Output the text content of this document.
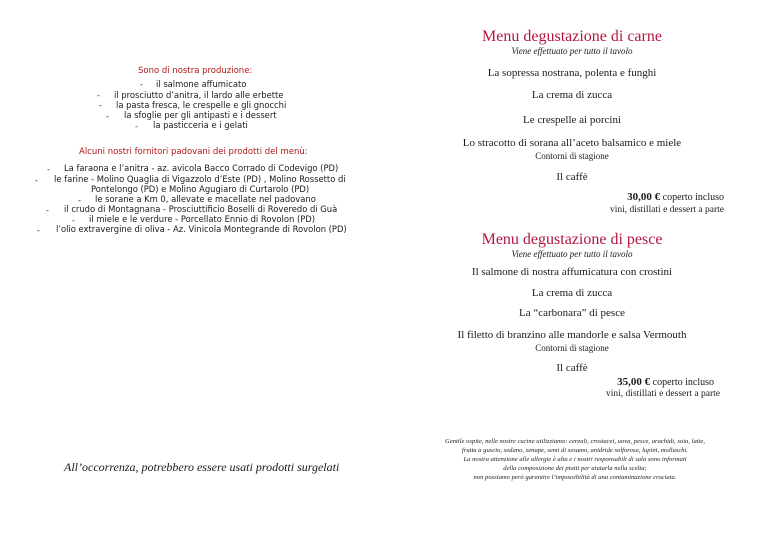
Sono di nostra produzione:
- il salmone affumicato
- il prosciutto d’anitra, il lardo alle erbette
- la pasta fresca, le crespelle e gli gnocchi
- la sfoglie per gli antipasti e i dessert
- la pasticceria e i gelati
Alcuni nostri fornitori padovani dei prodotti del menù:
- La faraona e l’anitra - az. avicola Bacco Corrado di Codevigo (PD)
- le farine - Molino Quaglia di Vigazzolo d’Este (PD) , Molino Rossetto di
Pontelongo (PD) e Molino Agugiaro di Curtarolo (PD)
- le sorane a Km 0, allevate e macellate nel padovano
- il crudo di Montagnana - Prosciuttificio Boselli di Roveredo di Guà
- il miele e le verdure - Porcellato Ennio di Rovolon (PD)
- l’olio extravergine di oliva - Az. Vinicola Montegrande di Rovolon (PD)
All’occorrenza, potrebbero essere usati prodotti surgelati
Menu degustazione di carne
Viene effettuato per tutto il tavolo
La sopressa nostrana, polenta e funghi
La crema di zucca
Le crespelle ai porcini
Lo stracotto di sorana all’aceto balsamico e miele
Contorni di stagione
Il caffè
30,00 € coperto incluso
vini, distillati e dessert a parte
Menu degustazione di pesce
Viene effettuato per tutto il tavolo
Il salmone di nostra affumicatura con crostini
La crema di zucca
La “carbonara” di pesce
Il filetto di branzino alle mandorle e salsa Vermouth
Contorni di stagione
Il caffè
35,00 € coperto incluso
vini, distillati e dessert a parte
Gentile ospite, nelle nostre cucine utilizziamo: cereali, crostacei, uova, pesce, arachidi, soia, latte,
frutta a guscio, sedano, senape, semi di sesamo, anidride solforosa, lupini, molluschi.
La nostra attenzione alle allergie è alta e i nostri responsabili di sala sono informati
della composizione dei piatti per aiutarla nella scelta;
non possiamo però garantire l’impossibilità di una contaminazione crociata.
